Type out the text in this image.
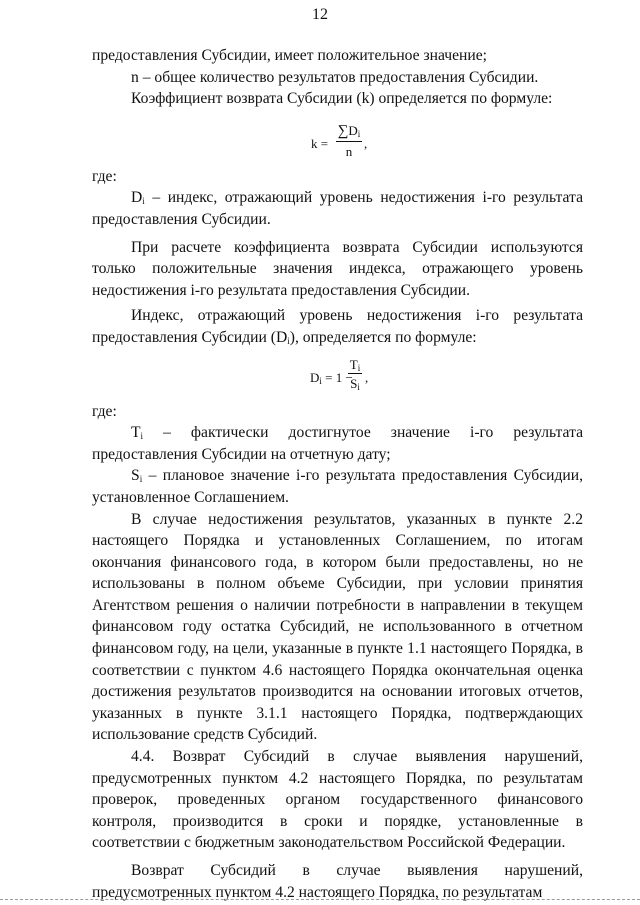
12

предоставления Субсидии, имеет положительное значение;

n – общее количество результатов предоставления Субсидии.

Коэффициент возврата Субсидии (k) определяется по формуле:

k =
$\sum D_i$
n
,

где:

$D_i$ – индекс, отражающий уровень недостижения i-го результата предоставления Субсидии.

При расчете коэффициента возврата Субсидии используются только положительные значения индекса, отражающего уровень недостижения i-го результата предоставления Субсидии.

Индекс, отражающий уровень недостижения i-го результата предоставления Субсидии $(D_i)$, определяется по формуле:

$D_i = 1$ −
$T_i$
$S_i$
,

где:

$T_i$ – фактически достигнутое значение i-го результата предоставления Субсидии на отчетную дату;

$S_i$ – плановое значение i-го результата предоставления Субсидии, установленное Соглашением.

В случае недостижения результатов, указанных в пункте 2.2 настоящего Порядка и установленных Соглашением, по итогам окончания финансового года, в котором были предоставлены, но не использованы в полном объеме Субсидии, при условии принятия Агентством решения о наличии потребности в направлении в текущем финансовом году остатка Субсидий, не использованного в отчетном финансовом году, на цели, указанные в пункте 1.1 настоящего Порядка, в соответствии с пунктом 4.6 настоящего Порядка окончательная оценка достижения результатов производится на основании итоговых отчетов, указанных в пункте 3.1.1 настоящего Порядка, подтверждающих использование средств Субсидий.

4.4. Возврат Субсидий в случае выявления нарушений, предусмотренных пунктом 4.2 настоящего Порядка, по результатам проверок, проведенных органом государственного финансового контроля, производится в сроки и порядке, установленные в соответствии с бюджетным законодательством Российской Федерации.

Возврат Субсидий в случае выявления нарушений, предусмотренных пунктом 4.2 настоящего Порядка, по результатам
